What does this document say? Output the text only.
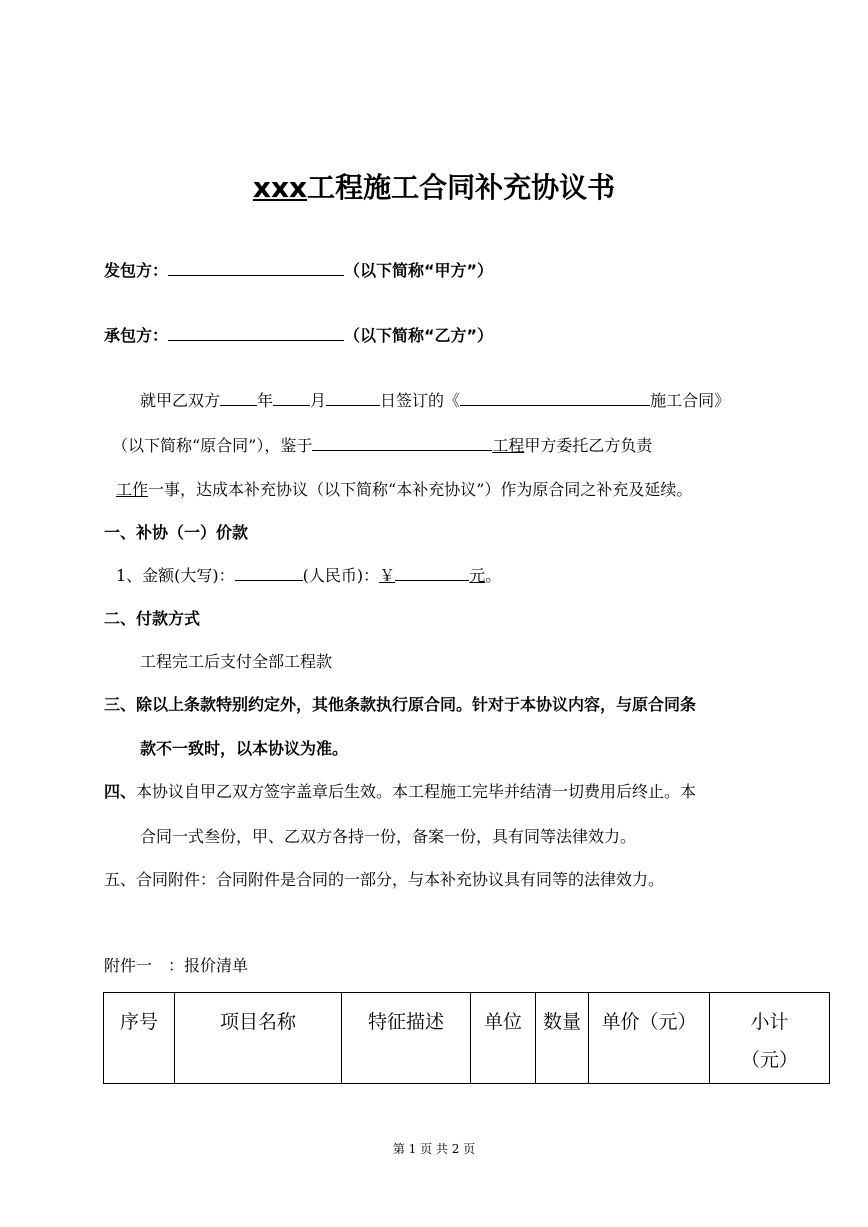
xxx工程施工合同补充协议书
发包方：	（以下简称“甲方”）
承包方：	（以下简称“乙方”）
就甲乙双方 年 月	日签订的《	施工合同》
（以下简称“原合同”），鉴于	工程甲方委托乙方负责
工作一事，达成本补充协议（以下简称“本补充协议”）作为原合同之补充及延续。
一、补协（一）价款
1、金额(大写)：	(人民币)：￥	元。
二、付款方式
工程完工后支付全部工程款
三、除以上条款特别约定外，其他条款执行原合同。针对于本协议内容，与原合同条
款不一致时，以本协议为准。
四、本协议自甲乙双方签字盖章后生效。本工程施工完毕并结清一切费用后终止。本
合同一式叁份，甲、乙双方各持一份，备案一份，具有同等法律效力。
五、合同附件：合同附件是合同的一部分，与本补充协议具有同等的法律效力。
附件一　：报价清单
序号	项目名称	特征描述	单位	数量	单价（元）	小计（元）
第 1 页 共 2 页
